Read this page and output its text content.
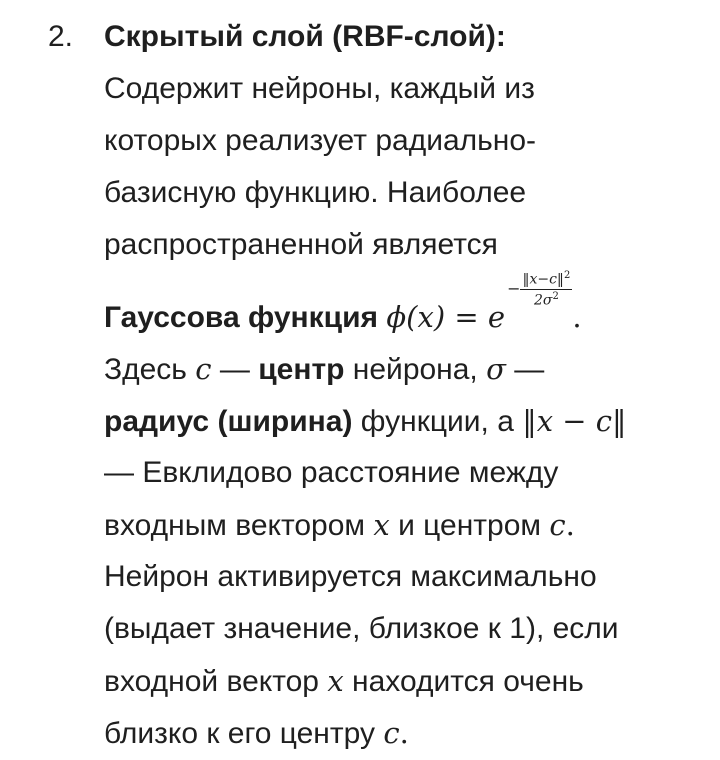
2. Скрытый слой (RBF-слой):
Содержит нейроны, каждый из
которых реализует радиально-
базисную функцию. Наиболее
распространенной является
Гауссова функция $\phi(x) = e- \frac{‖x-c‖^2}{2\sigma^2}$
.
Здесь c — центр нейрона, σ —
радиус (ширина) функции, а ‖x − c‖
— Евклидово расстояние между
входным вектором x и центром c.
Нейрон активируется максимально
(выдает значение, близкое к 1), если
входной вектор x находится очень
близко к его центру c.
